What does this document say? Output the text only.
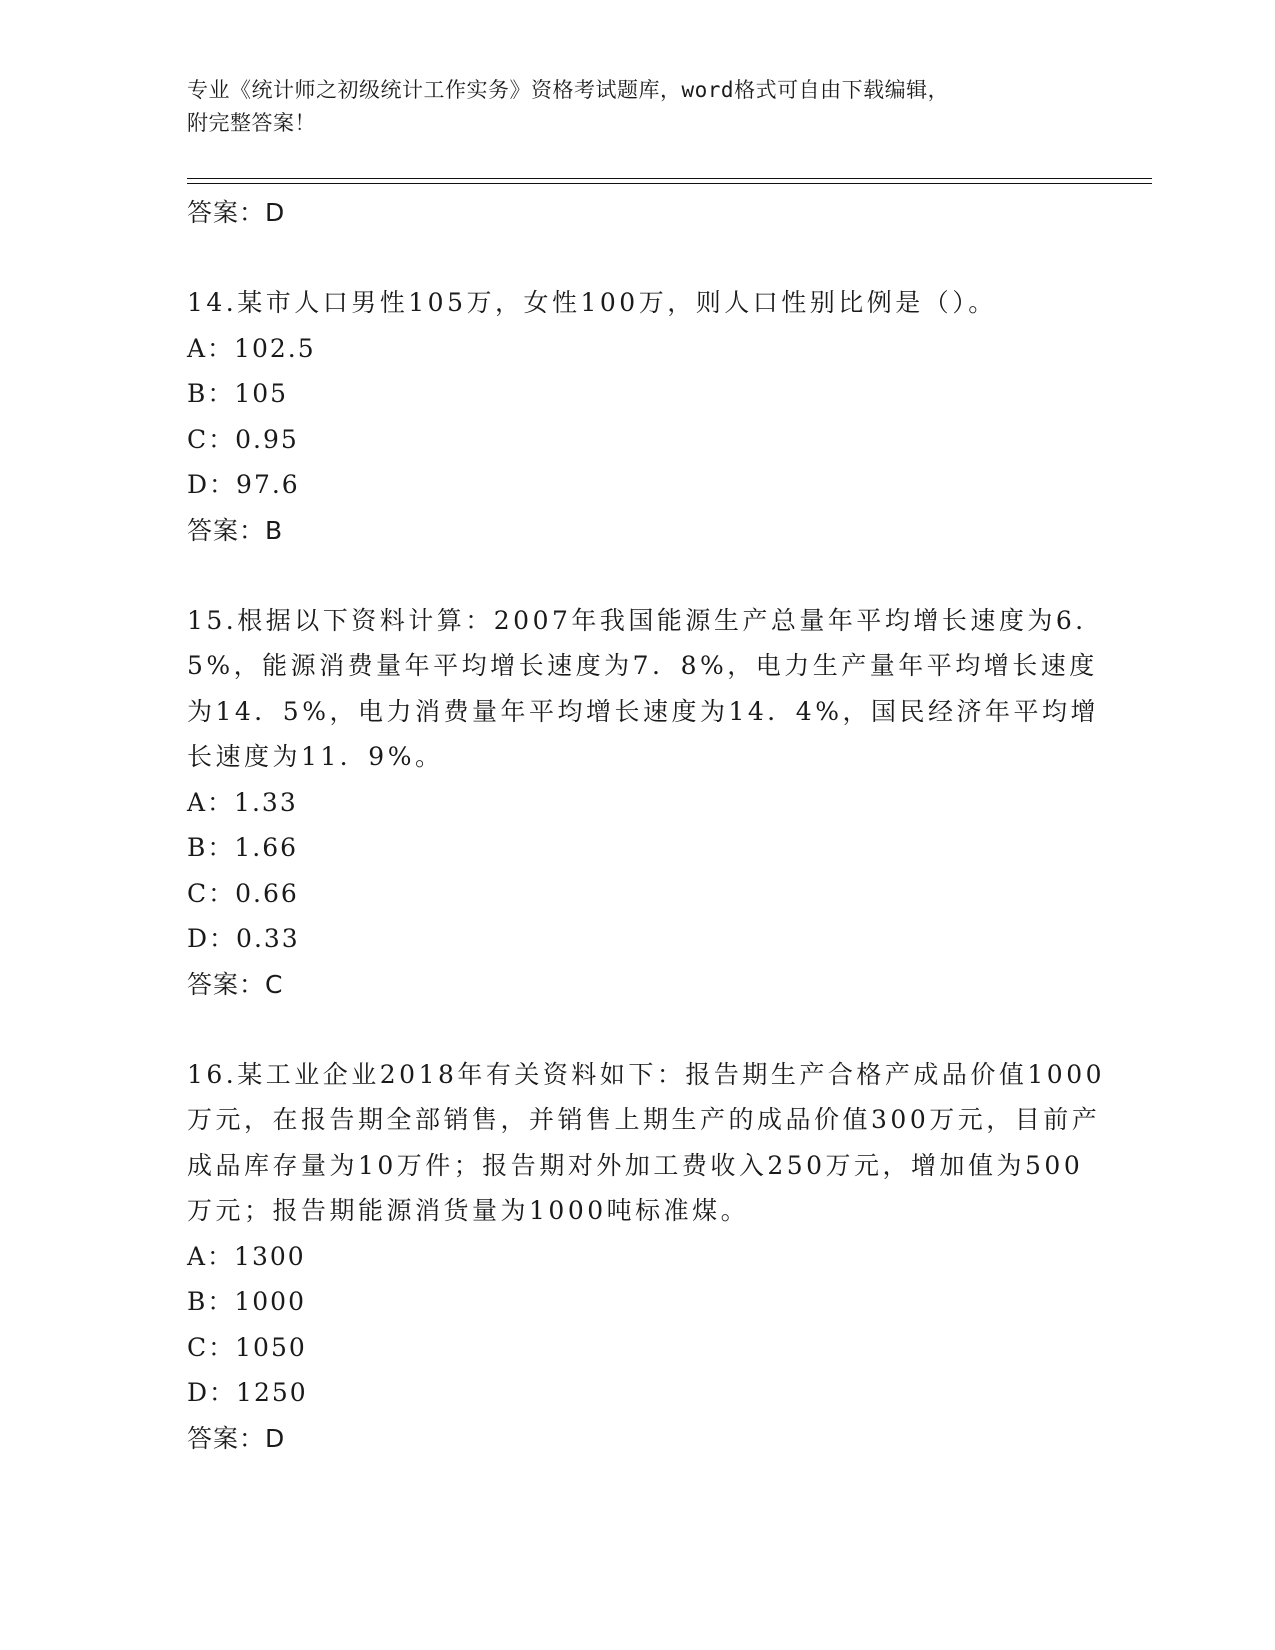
专业《统计师之初级统计工作实务》资格考试题库，word格式可自由下载编辑，
附完整答案！
答案：D
14.某市人口男性105万，女性100万，则人口性别比例是（）。
A：102.5
B：105
C：0.95
D：97.6
答案：B
15.根据以下资料计算：2007年我国能源生产总量年平均增长速度为6．5%，能源消费量年平均增长速度为7．8%，电力生产量年平均增长速度为14．5%，电力消费量年平均增长速度为14．4%，国民经济年平均增长速度为11．9%。
A：1.33
B：1.66
C：0.66
D：0.33
答案：C
16.某工业企业2018年有关资料如下：报告期生产合格产成品价值1000万元，在报告期全部销售，并销售上期生产的成品价值300万元，目前产成品库存量为10万件；报告期对外加工费收入250万元，增加值为500万元；报告期能源消货量为1000吨标准煤。
A：1300
B：1000
C：1050
D：1250
答案：D
